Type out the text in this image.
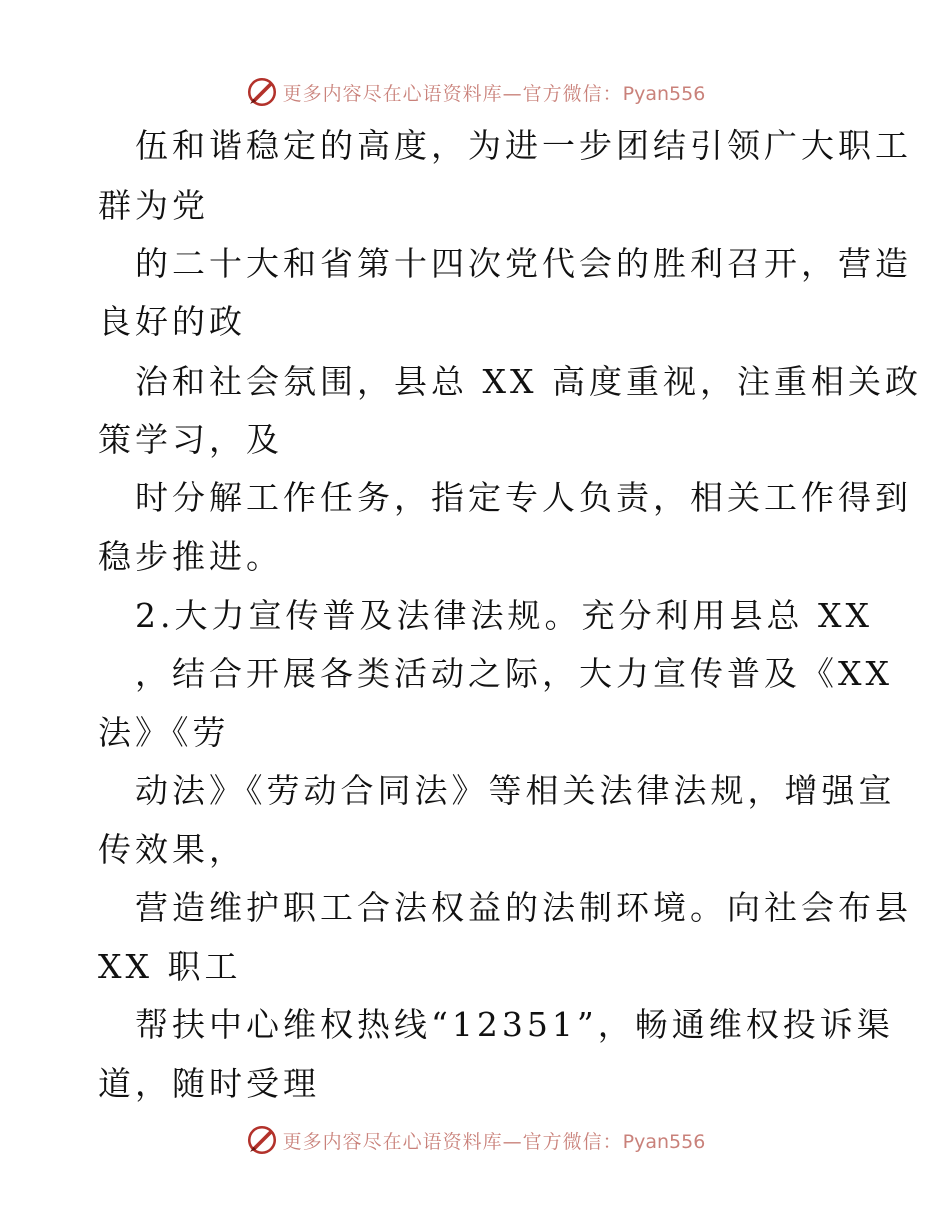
更多内容尽在心语资料库—官方微信：Pyan556
伍和谐稳定的高度，为进一步团结引领广大职工
群为党
的二十大和省第十四次党代会的胜利召开，营造
良好的政
治和社会氛围，县总 XX 高度重视，注重相关政
策学习，及
时分解工作任务，指定专人负责，相关工作得到
稳步推进。
2.大力宣传普及法律法规。充分利用县总 XX
，结合开展各类活动之际，大力宣传普及《XX
法》《劳
动法》《劳动合同法》等相关法律法规，增强宣
传效果，
营造维护职工合法权益的法制环境。向社会布县
XX 职工
帮扶中心维权热线“12351”，畅通维权投诉渠
道，随时受理
更多内容尽在心语资料库—官方微信：Pyan556
